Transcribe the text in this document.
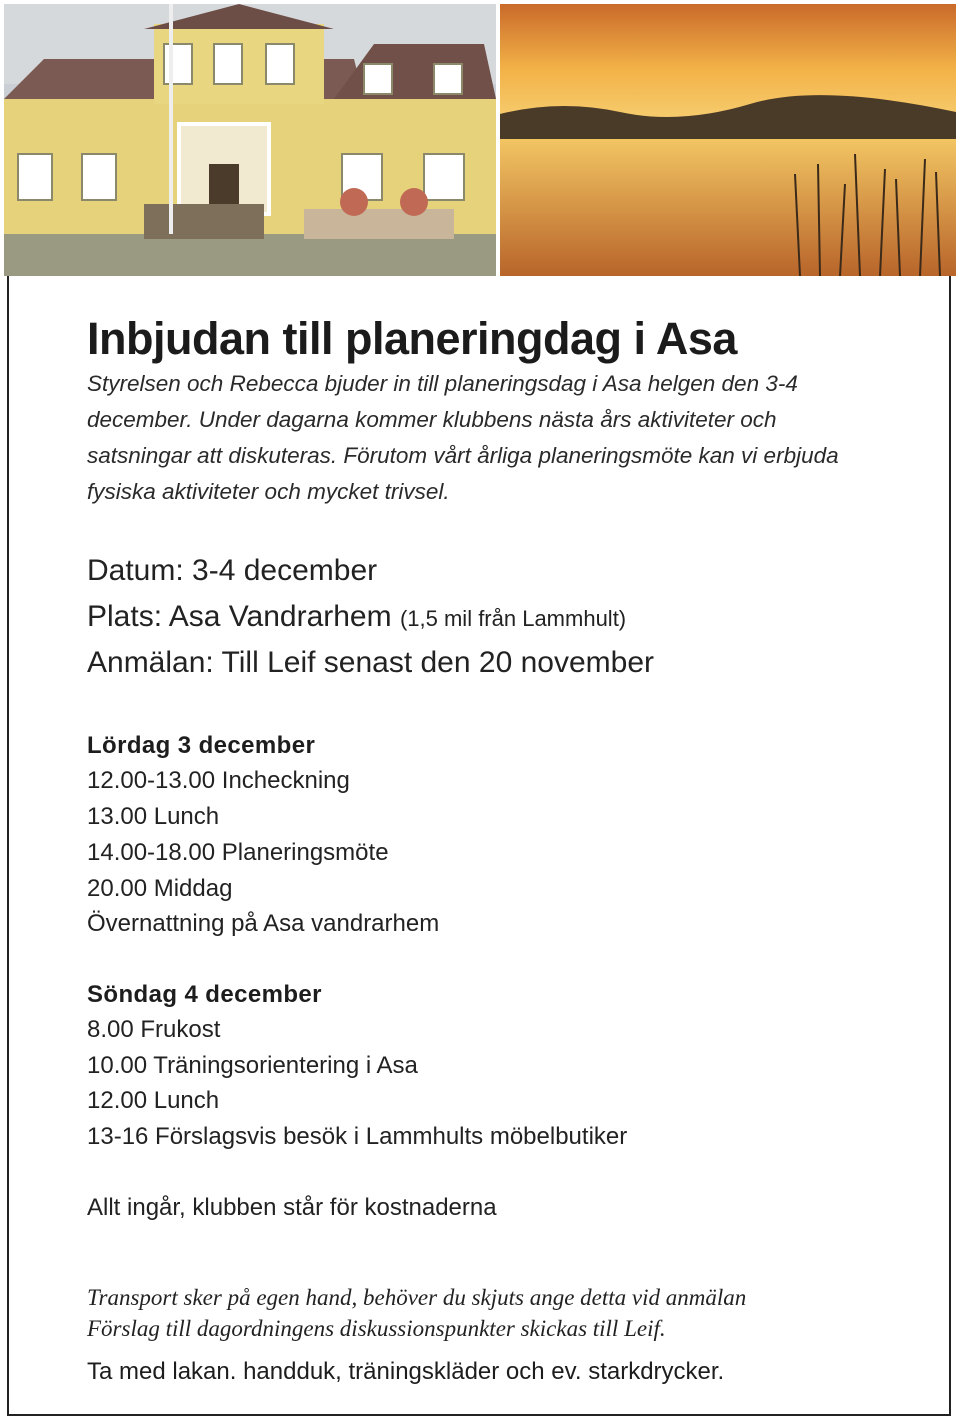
Inbjudan till planeringdag i Asa

Styrelsen och Rebecca bjuder in till planeringsdag i Asa helgen den 3-4 december. Under dagarna kommer klubbens nästa års aktiviteter och satsningar att diskuteras. Förutom vårt årliga planeringsmöte kan vi erbjuda fysiska aktiviteter och mycket trivsel.

Datum: 3-4 december
Plats: Asa Vandrarhem (1,5 mil från Lammhult)
Anmälan: Till Leif senast den 20 november
Lördag 3 december
12.00-13.00 Incheckning
13.00 Lunch
14.00-18.00 Planeringsmöte
20.00 Middag
Övernattning på Asa vandrarhem
Söndag 4 december
8.00 Frukost
10.00 Träningsorientering i Asa
12.00 Lunch
13-16 Förslagsvis besök i Lammhults möbelbutiker
Allt ingår, klubben står för kostnaderna
Transport sker på egen hand, behöver du skjuts ange detta vid anmälan
Förslag till dagordningens diskussionspunkter skickas till Leif.
Ta med lakan. handduk, träningskläder och ev. starkdrycker.
